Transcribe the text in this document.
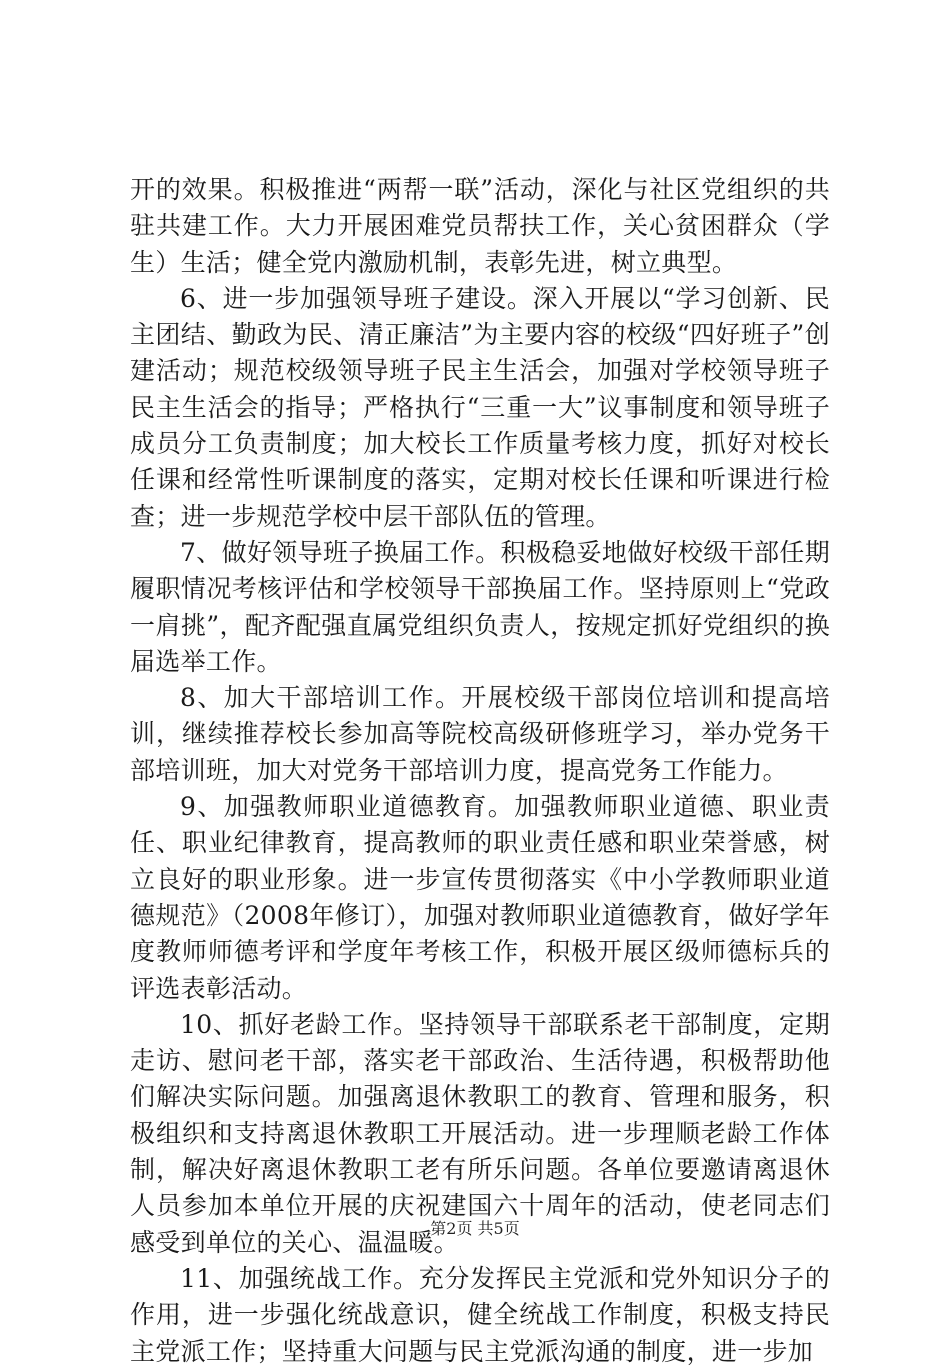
开的效果。积极推进“两帮一联”活动，深化与社区党组织的共驻共建工作。大力开展困难党员帮扶工作，关心贫困群众（学生）生活；健全党内激励机制，表彰先进，树立典型。

6、进一步加强领导班子建设。深入开展以“学习创新、民主团结、勤政为民、清正廉洁”为主要内容的校级“四好班子”创建活动；规范校级领导班子民主生活会，加强对学校领导班子民主生活会的指导；严格执行“三重一大”议事制度和领导班子成员分工负责制度；加大校长工作质量考核力度，抓好对校长任课和经常性听课制度的落实，定期对校长任课和听课进行检查；进一步规范学校中层干部队伍的管理。

7、做好领导班子换届工作。积极稳妥地做好校级干部任期履职情况考核评估和学校领导干部换届工作。坚持原则上“党政一肩挑”，配齐配强直属党组织负责人，按规定抓好党组织的换届选举工作。

8、加大干部培训工作。开展校级干部岗位培训和提高培训，继续推荐校长参加高等院校高级研修班学习，举办党务干部培训班，加大对党务干部培训力度，提高党务工作能力。

9、加强教师职业道德教育。加强教师职业道德、职业责任、职业纪律教育，提高教师的职业责任感和职业荣誉感，树立良好的职业形象。进一步宣传贯彻落实《中小学教师职业道德规范》（2008年修订），加强对教师职业道德教育，做好学年度教师师德考评和学度年考核工作，积极开展区级师德标兵的评选表彰活动。

10、抓好老龄工作。坚持领导干部联系老干部制度，定期走访、慰问老干部，落实老干部政治、生活待遇，积极帮助他们解决实际问题。加强离退休教职工的教育、管理和服务，积极组织和支持离退休教职工开展活动。进一步理顺老龄工作体制，解决好离退休教职工老有所乐问题。各单位要邀请离退休人员参加本单位开展的庆祝建国六十周年的活动，使老同志们感受到单位的关心、温温暖。

11、加强统战工作。充分发挥民主党派和党外知识分子的作用，进一步强化统战意识，健全统战工作制度，积极支持民主党派工作；坚持重大问题与民主党派沟通的制度，进一步加

第2页 共5页
